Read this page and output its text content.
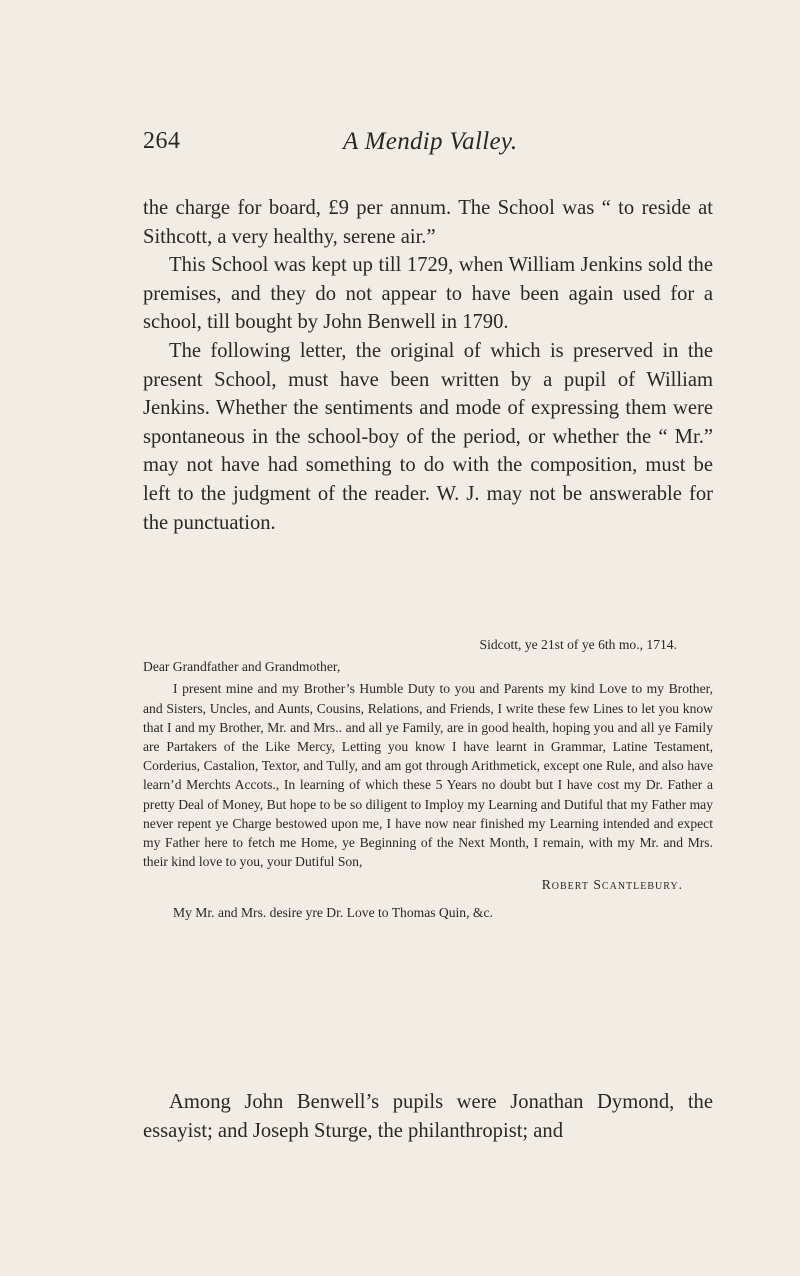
264	A Mendip Valley.

the charge for board, £9 per annum. The School was “ to reside at Sithcott, a very healthy, serene air.”

This School was kept up till 1729, when William Jenkins sold the premises, and they do not appear to have been again used for a school, till bought by John Benwell in 1790.

The following letter, the original of which is preserved in the present School, must have been written by a pupil of William Jenkins. Whether the sentiments and mode of expressing them were spontaneous in the school-boy of the period, or whether the “ Mr.” may not have had something to do with the composition, must be left to the judgment of the reader. W. J. may not be answerable for the punctuation.

Sidcott, ye 21st of ye 6th mo., 1714.

Dear Grandfather and Grandmother,

I present mine and my Brother’s Humble Duty to you and Parents my kind Love to my Brother, and Sisters, Uncles, and Aunts, Cousins, Relations, and Friends, I write these few Lines to let you know that I and my Brother, Mr. and Mrs.. and all ye Family, are in good health, hoping you and all ye Family are Partakers of the Like Mercy, Letting you know I have learnt in Grammar, Latine Testament, Corderius, Castalion, Textor, and Tully, and am got through Arithmetick, except one Rule, and also have learn’d Merchts Accots., In learning of which these 5 Years no doubt but I have cost my Dr. Father a pretty Deal of Money, But hope to be so diligent to Imploy my Learning and Dutiful that my Father may never repent ye Charge bestowed upon me, I have now near finished my Learning intended and expect my Father here to fetch me Home, ye Beginning of the Next Month, I remain, with my Mr. and Mrs. their kind love to you, your Dutiful Son,

Robert Scantlebury.

My Mr. and Mrs. desire yre Dr. Love to Thomas Quin, &c.

Among John Benwell’s pupils were Jonathan Dymond, the essayist; and Joseph Sturge, the philanthropist; and
